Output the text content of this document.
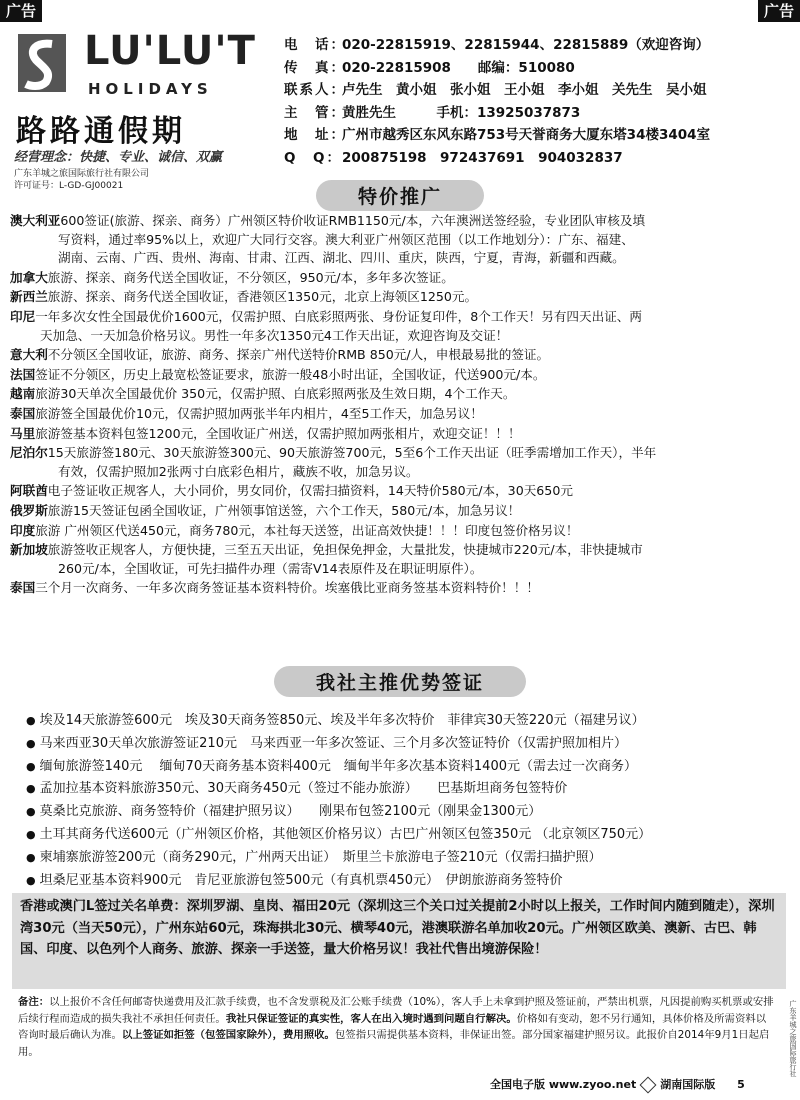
广告	广告
LU'LU'T
HOLIDAYS
路路通假期
经营理念：快捷、专业、诚信、双赢
广东羊城之旅国际旅行社有限公司
许可证号：L-GD-GJ00021
电　话：020-22815919、22815944、22815889（欢迎咨询）
传　真：020-22815908　　邮编：510080
联系人：卢先生　黄小姐　张小姐　王小姐　李小姐　关先生　吴小姐
主　管：黄胜先生　　　手机：13925037873
地　址：广州市越秀区东风东路753号天誉商务大厦东塔34楼3404室
Q　Q：200875198　972437691　904032837
特价推广
澳大利亚600签证(旅游、探亲、商务）广州领区特价收证RMB1150元/本，六年澳洲送签经验，专业团队审核及填
写资料，通过率95%以上，欢迎广大同行交容。澳大利亚广州领区范围（以工作地划分）：广东、福建、
湖南、云南、广西、贵州、海南、甘肃、江西、湖北、四川、重庆，陕西，宁夏，青海，新疆和西藏。
加拿大旅游、探亲、商务代送全国收证，不分领区，950元/本，多年多次签证。
新西兰旅游、探亲、商务代送全国收证，香港领区1350元，北京上海领区1250元。
印尼一年多次女性全国最优价1600元，仅需护照、白底彩照两张、身份证复印件，8个工作天！另有四天出证、两
天加急、一天加急价格另议。男性一年多次1350元4工作天出证，欢迎咨询及交证！
意大利不分领区全国收证，旅游、商务、探亲广州代送特价RMB 850元/人，申根最易批的签证。
法国签证不分领区，历史上最宽松签证要求，旅游一般48小时出证，全国收证，代送900元/本。
越南旅游30天单次全国最优价 350元，仅需护照、白底彩照两张及生效日期，4个工作天。
泰国旅游签全国最优价10元，仅需护照加两张半年内相片，4至5工作天，加急另议！
马里旅游签基本资料包签1200元，全国收证广州送，仅需护照加两张相片，欢迎交证！！！
尼泊尔15天旅游签180元、30天旅游签300元、90天旅游签700元，5至6个工作天出证（旺季需增加工作天），半年
有效，仅需护照加2张两寸白底彩色相片，藏族不收，加急另议。
阿联酋电子签证收正规客人，大小同价，男女同价，仅需扫描资料，14天特价580元/本，30天650元
俄罗斯旅游15天签证包函全国收证，广州领事馆送签，六个工作天，580元/本，加急另议！
印度旅游 广州领区代送450元，商务780元，本社每天送签，出证高效快捷！！！印度包签价格另议！
新加坡旅游签收正规客人，方便快捷，三至五天出证，免担保免押金，大量批发，快捷城市220元/本，非快捷城市
260元/本，全国收证，可先扫描件办理（需寄V14表原件及在职证明原件）。
泰国三个月一次商务、一年多次商务签证基本资料特价。埃塞俄比亚商务签基本资料特价！！！
我社主推优势签证
● 埃及14天旅游签600元　埃及30天商务签850元、埃及半年多次特价　菲律宾30天签220元（福建另议）
● 马来西亚30天单次旅游签证210元　马来西亚一年多次签证、三个月多次签证特价（仅需护照加相片）
● 缅甸旅游签140元　 缅甸70天商务基本资料400元　缅甸半年多次基本资料1400元（需去过一次商务）
● 孟加拉基本资料旅游350元、30天商务450元（签过不能办旅游）　　巴基斯坦商务包签特价
● 莫桑比克旅游、商务签特价（福建护照另议）　　刚果布包签2100元（刚果金1300元）
● 土耳其商务代送600元（广州领区价格，其他领区价格另议）古巴广州领区包签350元 （北京领区750元）
● 柬埔寨旅游签200元（商务290元，广州两天出证）　斯里兰卡旅游电子签210元（仅需扫描护照）
● 坦桑尼亚基本资料900元　肯尼亚旅游包签500元（有真机票450元）　伊朗旅游商务签特价
香港或澳门L签过关名单费：深圳罗湖、皇岗、福田20元（深圳这三个关口过关提前2小时以上报关，工作时间内随到随走），深圳湾30元（当天50元），广州东站60元，珠海拱北30元、横琴40元，港澳联游名单加收20元。广州领区欧美、澳新、古巴、韩国、印度、以色列个人商务、旅游、探亲一手送签，量大价格另议！我社代售出境游保险！
备注：以上报价不含任何邮寄快递费用及汇款手续费，也不含发票税及汇公账手续费（10%），客人手上未拿到护照及签证前，严禁出机票，凡因提前购买机票或安排后续行程而造成的损失我社不承担任何责任。我社只保证签证的真实性，客人在出入境时遇到问题自行解决。价格如有变动，恕不另行通知，具体价格及所需资料以咨询时最后确认为准。以上签证如拒签（包签国家除外），费用照收。包签指只需提供基本资料，非保证出签。部分国家福建护照另议。此报价自2014年9月1日起启用。	广东羊城之旅国际旅行社
全国电子版 www.zyoo.net 湖南国际版 5
